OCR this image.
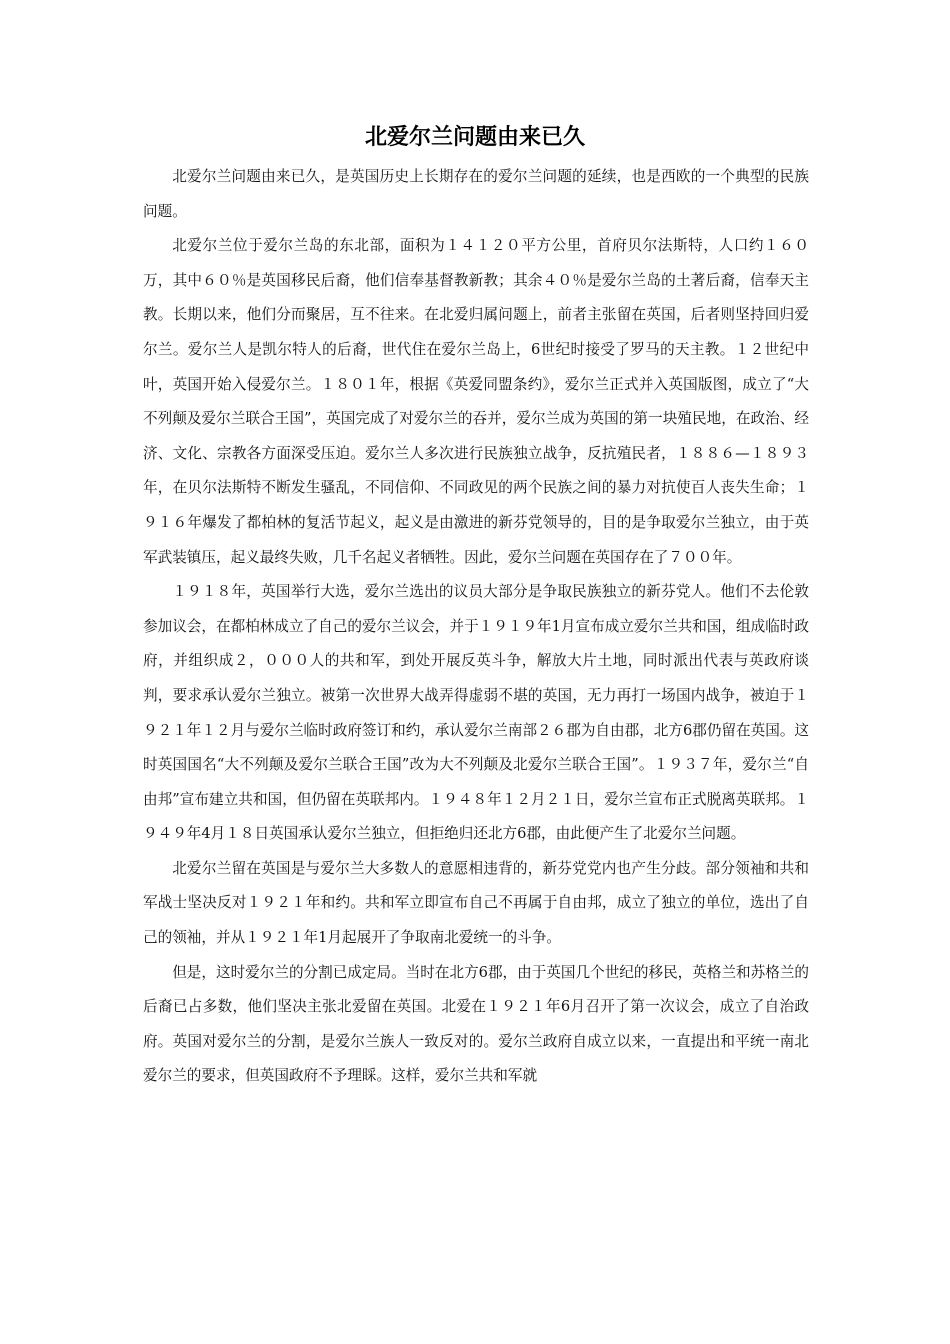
北爱尔兰问题由来已久

北爱尔兰问题由来已久，是英国历史上长期存在的爱尔兰问题的延续，也是西欧的一个典型的民族问题。

北爱尔兰位于爱尔兰岛的东北部，面积为１４１２０平方公里，首府贝尔法斯特，人口约１６０万，其中６０％是英国移民后裔，他们信奉基督教新教；其余４０％是爱尔兰岛的土著后裔，信奉天主教。长期以来，他们分而聚居，互不往来。在北爱归属问题上，前者主张留在英国，后者则坚持回归爱尔兰。爱尔兰人是凯尔特人的后裔，世代住在爱尔兰岛上，6世纪时接受了罗马的天主教。１２世纪中叶，英国开始入侵爱尔兰。１８０１年，根据《英爱同盟条约》，爱尔兰正式并入英国版图，成立了“大不列颠及爱尔兰联合王国”，英国完成了对爱尔兰的吞并，爱尔兰成为英国的第一块殖民地，在政治、经济、文化、宗教各方面深受压迫。爱尔兰人多次进行民族独立战争，反抗殖民者，１８８６—１８９３年，在贝尔法斯特不断发生骚乱，不同信仰、不同政见的两个民族之间的暴力对抗使百人丧失生命；１９１６年爆发了都柏林的复活节起义，起义是由激进的新芬党领导的，目的是争取爱尔兰独立，由于英军武装镇压，起义最终失败，几千名起义者牺牲。因此，爱尔兰问题在英国存在了７００年。

１９１８年，英国举行大选，爱尔兰选出的议员大部分是争取民族独立的新芬党人。他们不去伦敦参加议会，在都柏林成立了自己的爱尔兰议会，并于１９１９年1月宣布成立爱尔兰共和国，组成临时政府，并组织成２，０００人的共和军，到处开展反英斗争，解放大片土地，同时派出代表与英政府谈判，要求承认爱尔兰独立。被第一次世界大战弄得虚弱不堪的英国，无力再打一场国内战争，被迫于１９２１年１２月与爱尔兰临时政府签订和约，承认爱尔兰南部２６郡为自由郡，北方6郡仍留在英国。这时英国国名“大不列颠及爱尔兰联合王国”改为大不列颠及北爱尔兰联合王国”。１９３７年，爱尔兰“自由邦”宣布建立共和国，但仍留在英联邦内。１９４８年１２月２１日，爱尔兰宣布正式脱离英联邦。１９４９年4月１８日英国承认爱尔兰独立，但拒绝归还北方6郡，由此便产生了北爱尔兰问题。

北爱尔兰留在英国是与爱尔兰大多数人的意愿相违背的，新芬党党内也产生分歧。部分领袖和共和军战士坚决反对１９２１年和约。共和军立即宣布自己不再属于自由邦，成立了独立的单位，选出了自己的领袖，并从１９２１年1月起展开了争取南北爱统一的斗争。

但是，这时爱尔兰的分割已成定局。当时在北方6郡，由于英国几个世纪的移民，英格兰和苏格兰的后裔已占多数，他们坚决主张北爱留在英国。北爱在１９２１年6月召开了第一次议会，成立了自治政府。英国对爱尔兰的分割，是爱尔兰族人一致反对的。爱尔兰政府自成立以来，一直提出和平统一南北爱尔兰的要求，但英国政府不予理睬。这样，爱尔兰共和军就
